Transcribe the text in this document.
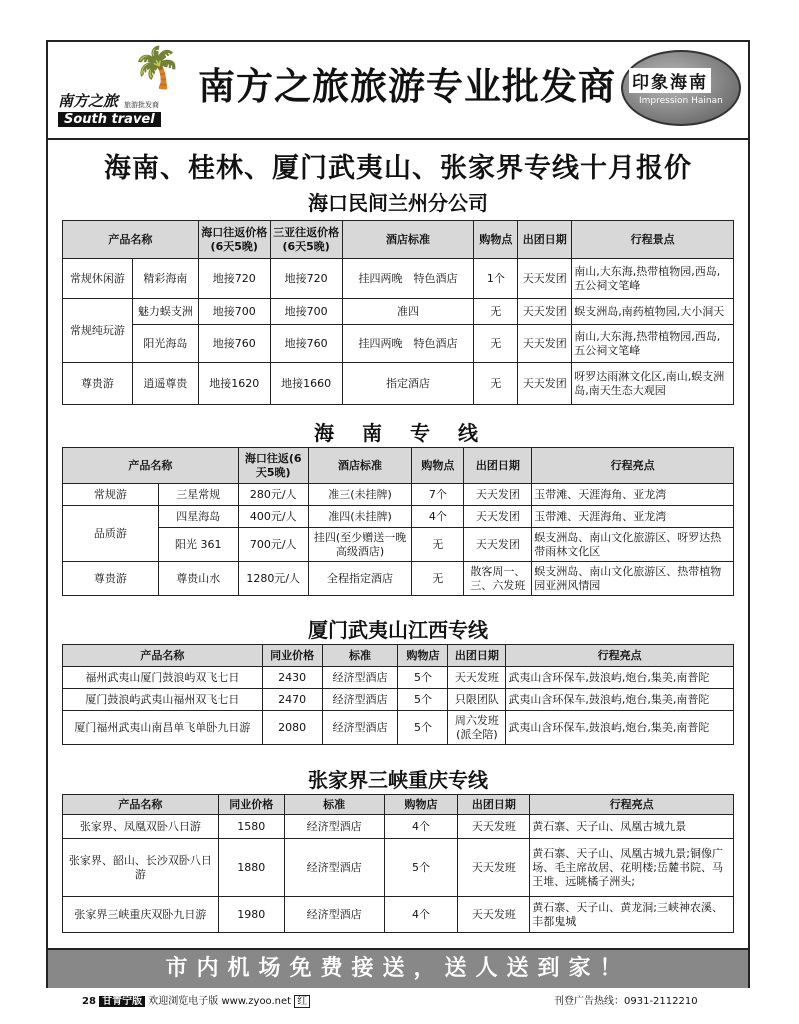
🌴
南方之旅 旅游批发商
South travel
南方之旅旅游专业批发商 印象海南
Impression Hainan
海南、桂林、厦门武夷山、张家界专线十月报价
海口民间兰州分公司
产品名称		海口往返价格(6天5晚)	三亚往返价格(6天5晚)	酒店标准	购物点	出团日期	行程景点
常规休闲游	精彩海南	地接720	地接720	挂四两晚　特色酒店	1个	天天发团	南山,大东海,热带植物园,西岛,五公祠文笔峰
常规纯玩游	魅力蜈支洲	地接700	地接700	准四	无	天天发团	蜈支洲岛,南药植物园,大小洞天
	阳光海岛	地接760	地接760	挂四两晚　特色酒店	无	天天发团	南山,大东海,热带植物园,西岛,五公祠文笔峰
尊贵游	逍遥尊贵	地接1620	地接1660	指定酒店	无	天天发团	呀罗达雨淋文化区,南山,蜈支洲岛,南天生态大观园
海　南　专　线
产品名称		海口往返(6天5晚)	酒店标准	购物点	出团日期	行程亮点
常规游	三星常规	280元/人	准三(未挂牌)	7个	天天发团	玉带滩、天涯海角、亚龙湾
品质游	四星海岛	400元/人	准四(未挂牌)	4个	天天发团	玉带滩、天涯海角、亚龙湾
	阳光 361	700元/人	挂四(至少赠送一晚高级酒店)	无	天天发团	蜈支洲岛、南山文化旅游区、呀罗达热带雨林文化区
尊贵游	尊贵山水	1280元/人	全程指定酒店	无	散客周一、三、六发班	蜈支洲岛、南山文化旅游区、热带植物园亚洲风情园
厦门武夷山江西专线
产品名称	同业价格	标准	购物店	出团日期	行程亮点
福州武夷山厦门鼓浪屿双飞七日	2430	经济型酒店	5个	天天发班	武夷山含环保车,鼓浪屿,炮台,集美,南普陀
厦门鼓浪屿武夷山福州双飞七日	2470	经济型酒店	5个	只限团队	武夷山含环保车,鼓浪屿,炮台,集美,南普陀
厦门福州武夷山南昌单飞单卧九日游	2080	经济型酒店	5个	周六发班(派全陪)	武夷山含环保车,鼓浪屿,炮台,集美,南普陀
张家界三峡重庆专线
产品名称	同业价格	标准	购物店	出团日期	行程亮点
张家界、凤凰双卧八日游	1580	经济型酒店	4个	天天发班	黄石寨、天子山、凤凰古城九景
张家界、韶山、长沙双卧八日游	1880	经济型酒店	5个	天天发班	黄石寨、天子山、凤凰古城九景;铜像广场、毛主席故居、花明楼;岳麓书院、马王堆、远眺橘子洲头;
张家界三峡重庆双卧九日游	1980	经济型酒店	4个	天天发班	黄石寨、天子山、黄龙洞;三峡神农溪、丰都鬼城
市内机场免费接送，送人送到家！
28 甘青宁版 欢迎浏览电子版 www.zyoo.net 红	刊登广告热线：0931-2112210
